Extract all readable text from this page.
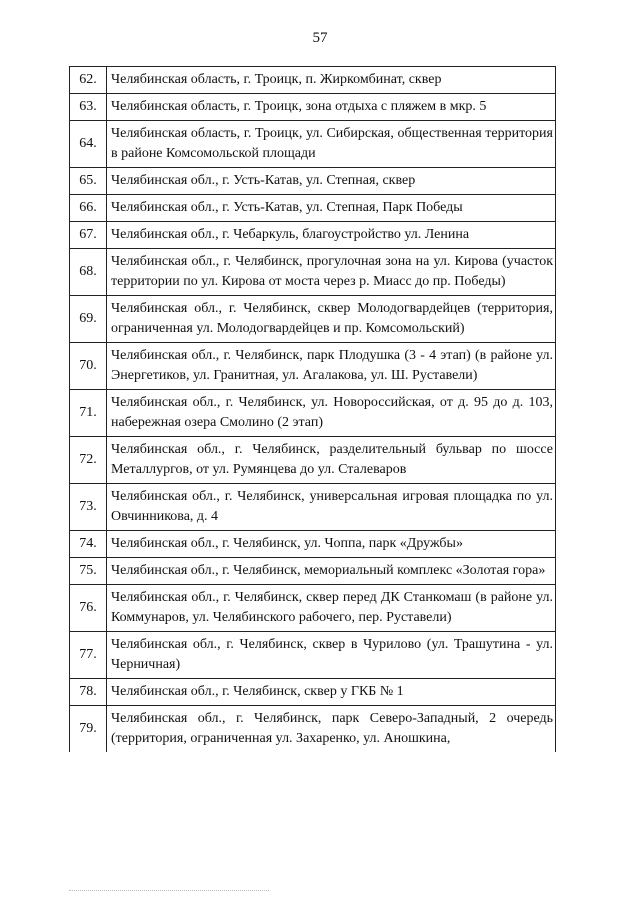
57
62.	Челябинская область, г. Троицк, п. Жиркомбинат, сквер
63.	Челябинская область, г. Троицк, зона отдыха с пляжем в мкр. 5
64.	Челябинская область, г. Троицк, ул. Сибирская, общественная территория в районе Комсомольской площади
65.	Челябинская обл., г. Усть-Катав, ул. Степная, сквер
66.	Челябинская обл., г. Усть-Катав, ул. Степная, Парк Победы
67.	Челябинская обл., г. Чебаркуль, благоустройство ул. Ленина
68.	Челябинская обл., г. Челябинск, прогулочная зона на ул. Кирова (участок территории по ул. Кирова от моста через р. Миасс до пр. Победы)
69.	Челябинская обл., г. Челябинск, сквер Молодогвардейцев (территория, ограниченная ул. Молодогвардейцев и пр. Комсомольский)
70.	Челябинская обл., г. Челябинск, парк Плодушка (3 - 4 этап) (в районе ул. Энергетиков, ул. Гранитная, ул. Агалакова, ул. Ш. Руставели)
71.	Челябинская обл., г. Челябинск, ул. Новороссийская, от д. 95 до д. 103, набережная озера Смолино (2 этап)
72.	Челябинская обл., г. Челябинск, разделительный бульвар по шоссе Металлургов, от ул. Румянцева до ул. Сталеваров
73.	Челябинская обл., г. Челябинск, универсальная игровая площадка по ул. Овчинникова, д. 4
74.	Челябинская обл., г. Челябинск, ул. Чоппа, парк «Дружбы»
75.	Челябинская обл., г. Челябинск, мемориальный комплекс «Золотая гора»
76.	Челябинская обл., г. Челябинск, сквер перед ДК Станкомаш (в районе ул. Коммунаров, ул. Челябинского рабочего, пер. Руставели)
77.	Челябинская обл., г. Челябинск, сквер в Чурилово (ул. Трашутина - ул. Черничная)
78.	Челябинская обл., г. Челябинск, сквер у ГКБ № 1
79.	Челябинская обл., г. Челябинск, парк Северо-Западный, 2 очередь (территория, ограниченная ул. Захаренко, ул. Аношкина,
